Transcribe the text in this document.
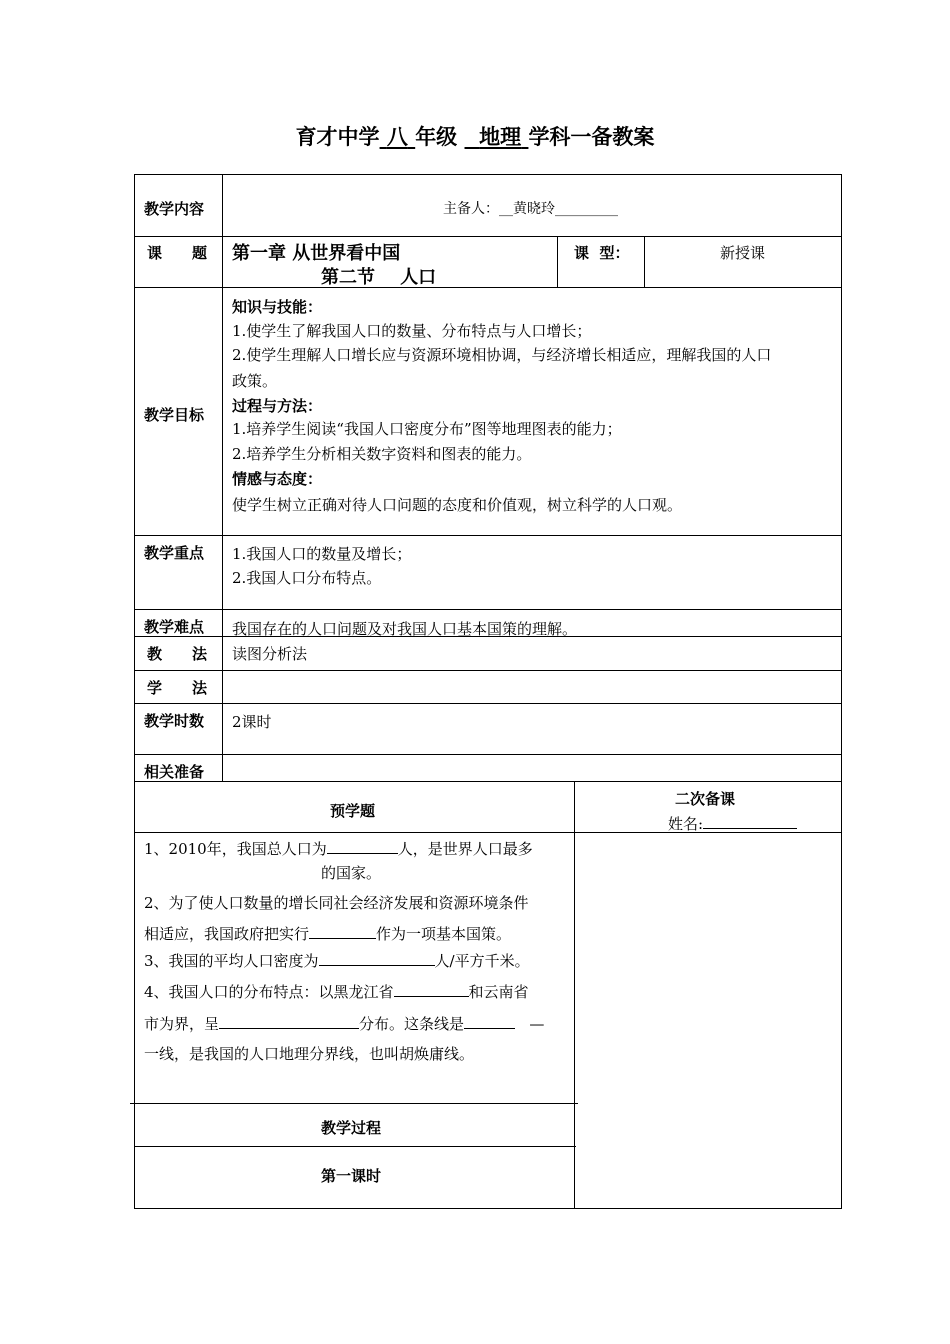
育才中学 八 年级 地理 学科一备教案
教学内容	主备人：__黄晓玲_________
课　　题 第一章 从世界看中国
第二节    人口
课  型：	新授课
教学目标
知识与技能：
1.使学生了解我国人口的数量、分布特点与人口增长；
2.使学生理解人口增长应与资源环境相协调，与经济增长相适应，理解我国的人口
政策。
过程与方法：
1.培养学生阅读“我国人口密度分布”图等地理图表的能力；
2.培养学生分析相关数字资料和图表的能力。
情感与态度：
使学生树立正确对待人口问题的态度和价值观，树立科学的人口观。
教学重点 1.我国人口的数量及增长；
2.我国人口分布特点。
教学难点 我国存在的人口问题及对我国人口基本国策的理解。
教　　法 读图分析法
学　　法
教学时数 2课时
相关准备
预学题
二次备课
姓名:
1、2010年，我国总人口为	人，是世界人口最多
的国家。
2、为了使人口数量的增长同社会经济发展和资源环境条件
相适应，我国政府把实行	作为一项基本国策。
3、我国的平均人口密度为	人/平方千米。
4、我国人口的分布特点：以黑龙江省	和云南省
市为界，呈	分布。这条线是	—
一线，是我国的人口地理分界线，也叫胡焕庸线。
教学过程
第一课时
